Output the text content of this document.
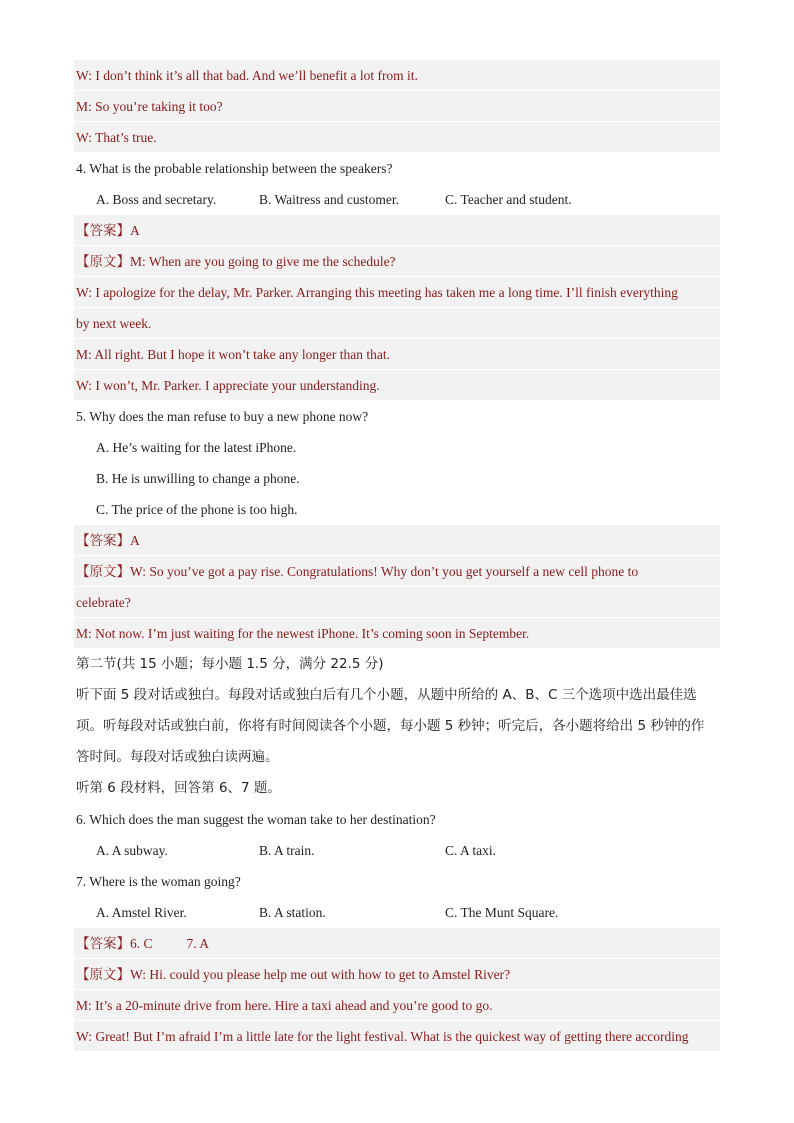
W: I don’t think it’s all that bad. And we’ll benefit a lot from it.
M: So you’re taking it too?
W: That’s true.
4. What is the probable relationship between the speakers?
A. Boss and secretary.	B. Waitress and customer.	C. Teacher and student.
【答案】A
【原文】M: When are you going to give me the schedule?
W: I apologize for the delay, Mr. Parker. Arranging this meeting has taken me a long time. I’ll finish everything
by next week.
M: All right. But I hope it won’t take any longer than that.
W: I won’t, Mr. Parker. I appreciate your understanding.
5. Why does the man refuse to buy a new phone now?
A. He’s waiting for the latest iPhone.
B. He is unwilling to change a phone.
C. The price of the phone is too high.
【答案】A
【原文】W: So you’ve got a pay rise. Congratulations! Why don’t you get yourself a new cell phone to
celebrate?
M: Not now. I’m just waiting for the newest iPhone. It’s coming soon in September.
第二节(共 15 小题；每小题 1.5 分，满分 22.5 分)
听下面 5 段对话或独白。每段对话或独白后有几个小题，从题中所给的 A、B、C 三个选项中选出最佳选
项。听每段对话或独白前，你将有时间阅读各个小题，每小题 5 秒钟；听完后，各小题将给出 5 秒钟的作
答时间。每段对话或独白读两遍。
听第 6 段材料，回答第 6、7 题。
6. Which does the man suggest the woman take to her destination?
A. A subway.	B. A train.	C. A taxi.
7. Where is the woman going?
A. Amstel River.	B. A station.	C. The Munt Square.
【答案】6. C	7. A
【原文】W: Hi. could you please help me out with how to get to Amstel River?
M: It’s a 20-minute drive from here. Hire a taxi ahead and you’re good to go.
W: Great! But I’m afraid I’m a little late for the light festival. What is the quickest way of getting there according
